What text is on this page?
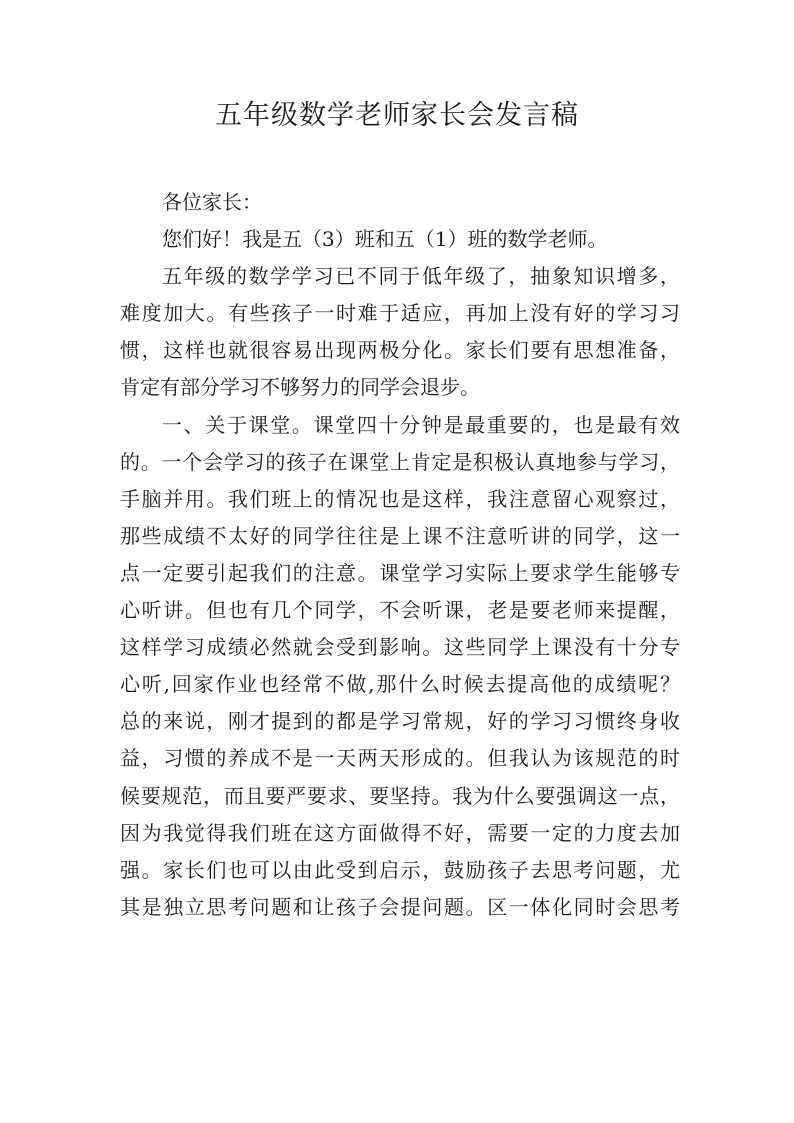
五年级数学老师家长会发言稿
各位家长：
您们好！我是五（3）班和五（1）班的数学老师。
五年级的数学学习已不同于低年级了，抽象知识增多，
难度加大。有些孩子一时难于适应，再加上没有好的学习习
惯，这样也就很容易出现两极分化。家长们要有思想准备，
肯定有部分学习不够努力的同学会退步。
一、关于课堂。课堂四十分钟是最重要的，也是最有效
的。一个会学习的孩子在课堂上肯定是积极认真地参与学习，
手脑并用。我们班上的情况也是这样，我注意留心观察过，
那些成绩不太好的同学往往是上课不注意听讲的同学，这一
点一定要引起我们的注意。课堂学习实际上要求学生能够专
心听讲。但也有几个同学，不会听课，老是要老师来提醒，
这样学习成绩必然就会受到影响。这些同学上课没有十分专
心听,回家作业也经常不做,那什么时候去提高他的成绩呢？
总的来说，刚才提到的都是学习常规，好的学习习惯终身收
益，习惯的养成不是一天两天形成的。但我认为该规范的时
候要规范，而且要严要求、要坚持。我为什么要强调这一点，
因为我觉得我们班在这方面做得不好，需要一定的力度去加
强。家长们也可以由此受到启示，鼓励孩子去思考问题，尤
其是独立思考问题和让孩子会提问题。区一体化同时会思考
